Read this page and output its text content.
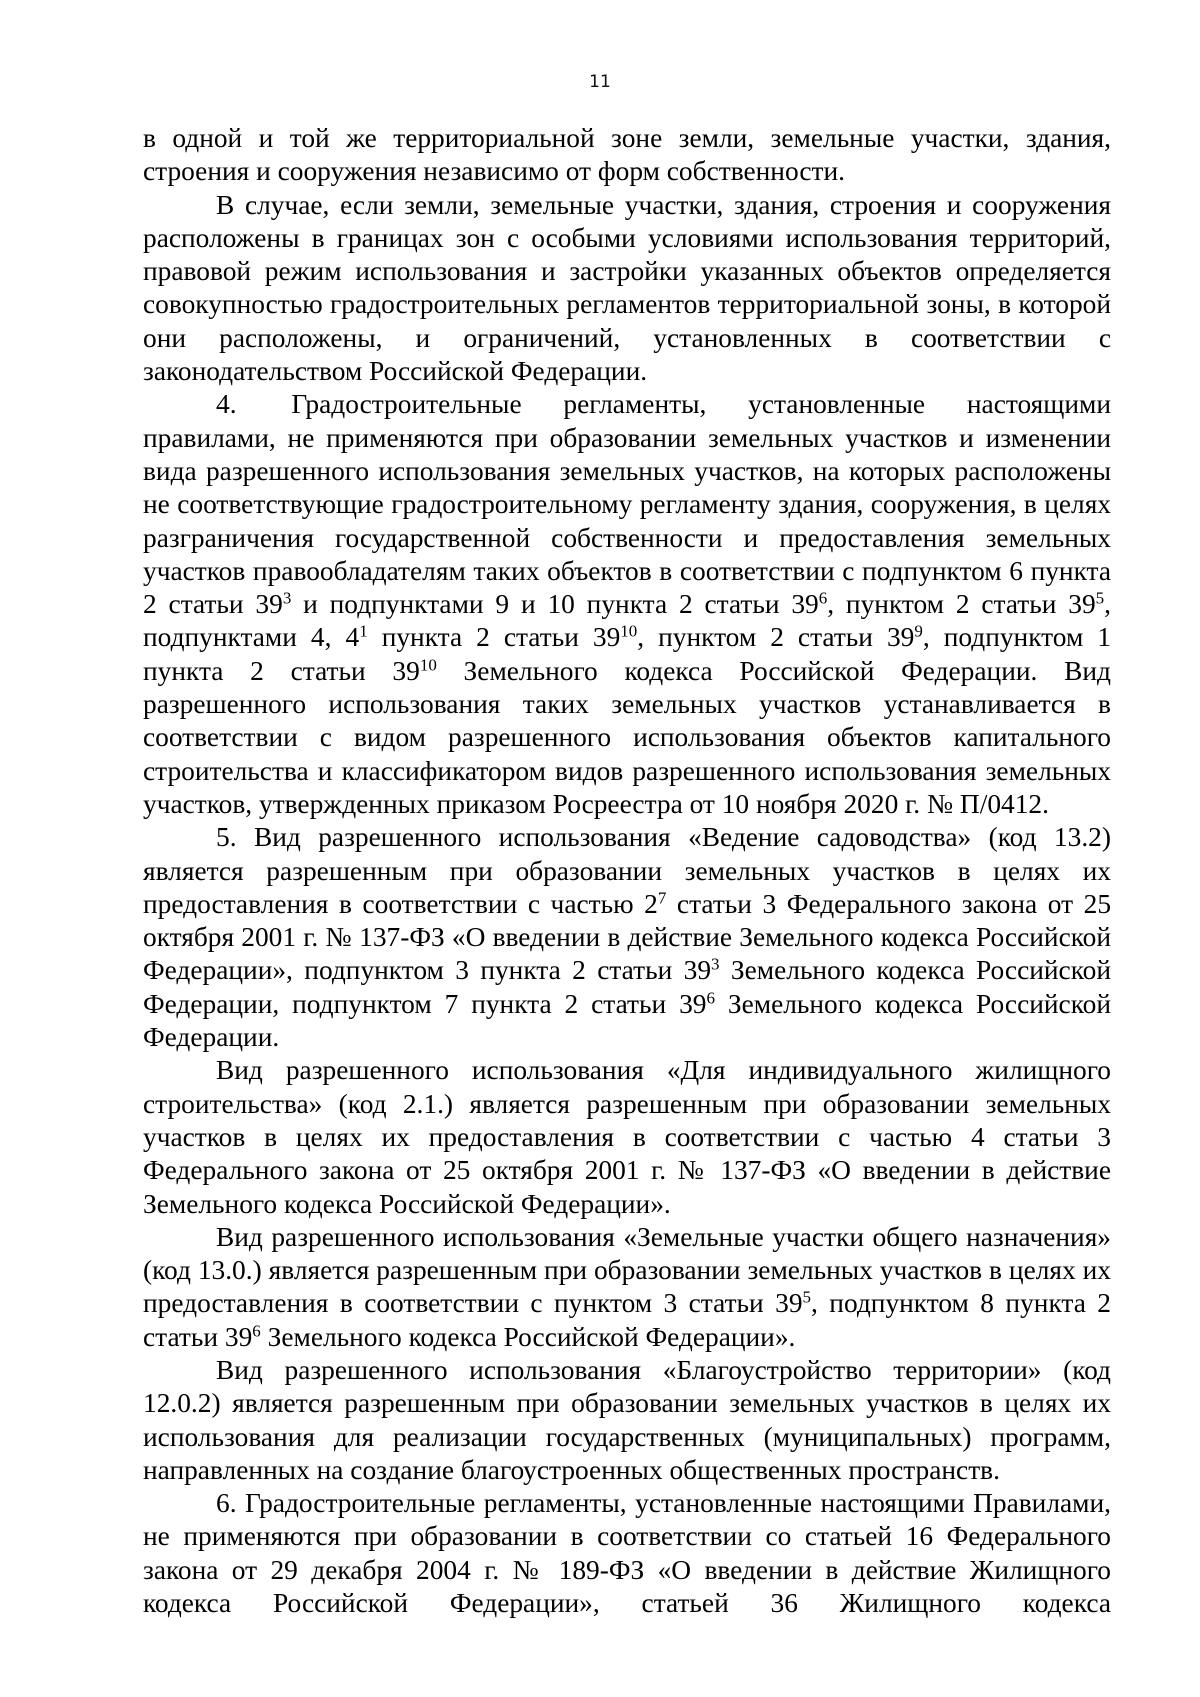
11

в одной и той же территориальной зоне земли, земельные участки, здания, строения и сооружения независимо от форм собственности.

В случае, если земли, земельные участки, здания, строения и сооружения расположены в границах зон с особыми условиями использования территорий, правовой режим использования и застройки указанных объектов определяется совокупностью градостроительных регламентов территориальной зоны, в которой они расположены, и ограничений, установленных в соответствии с законодательством Российской Федерации.

4.  Градостроительные регламенты, установленные настоящими правилами, не применяются при образовании земельных участков и изменении вида разрешенного использования земельных участков, на которых расположены не соответствующие градостроительному регламенту здания, сооружения, в целях разграничения государственной собственности и предоставления земельных участков правообладателям таких объектов в соответствии с подпунктом 6 пункта 2 статьи $39^3$ и подпунктами 9 и 10 пункта 2 статьи $39^6$, пунктом 2 статьи $39^5$, подпунктами 4, $4^1$ пункта 2 статьи $39^{10}$, пунктом 2 статьи $39^9$, подпунктом 1 пункта 2 статьи $39^{10}$ Земельного кодекса Российской Федерации. Вид разрешенного использования таких земельных участков устанавливается в соответствии с видом разрешенного использования объектов капитального строительства и классификатором видов разрешенного использования земельных участков, утвержденных приказом Росреестра от 10 ноября 2020 г. № П/0412.

5. Вид разрешенного использования «Ведение садоводства» (код 13.2) является разрешенным при образовании земельных участков в целях их предоставления в соответствии с частью $2^7$ статьи 3 Федерального закона от 25 октября 2001 г. № 137-ФЗ «О введении в действие Земельного кодекса Российской Федерации», подпунктом 3 пункта 2 статьи $39^3$ Земельного кодекса Российской Федерации, подпунктом 7 пункта 2 статьи $39^6$ Земельного кодекса Российской Федерации.

Вид разрешенного использования «Для индивидуального жилищного строительства» (код 2.1.) является разрешенным при образовании земельных участков в целях их предоставления в соответствии с частью 4 статьи 3 Федерального закона от 25 октября 2001 г. № 137-ФЗ «О введении в действие Земельного кодекса Российской Федерации».

Вид разрешенного использования «Земельные участки общего назначения» (код 13.0.) является разрешенным при образовании земельных участков в целях их предоставления в соответствии с пунктом 3 статьи $39^5$, подпунктом 8 пункта 2 статьи $39^6$ Земельного кодекса Российской Федерации».

Вид разрешенного использования «Благоустройство территории» (код 12.0.2) является разрешенным при образовании земельных участков в целях их использования для реализации государственных (муниципальных) программ, направленных на создание благоустроенных общественных пространств.

6. Градостроительные регламенты, установленные настоящими Правилами, не применяются при образовании в соответствии со статьей 16 Федерального закона от 29 декабря 2004 г. № 189-ФЗ «О введении в действие Жилищного кодекса Российской Федерации», статьей 36 Жилищного кодекса
